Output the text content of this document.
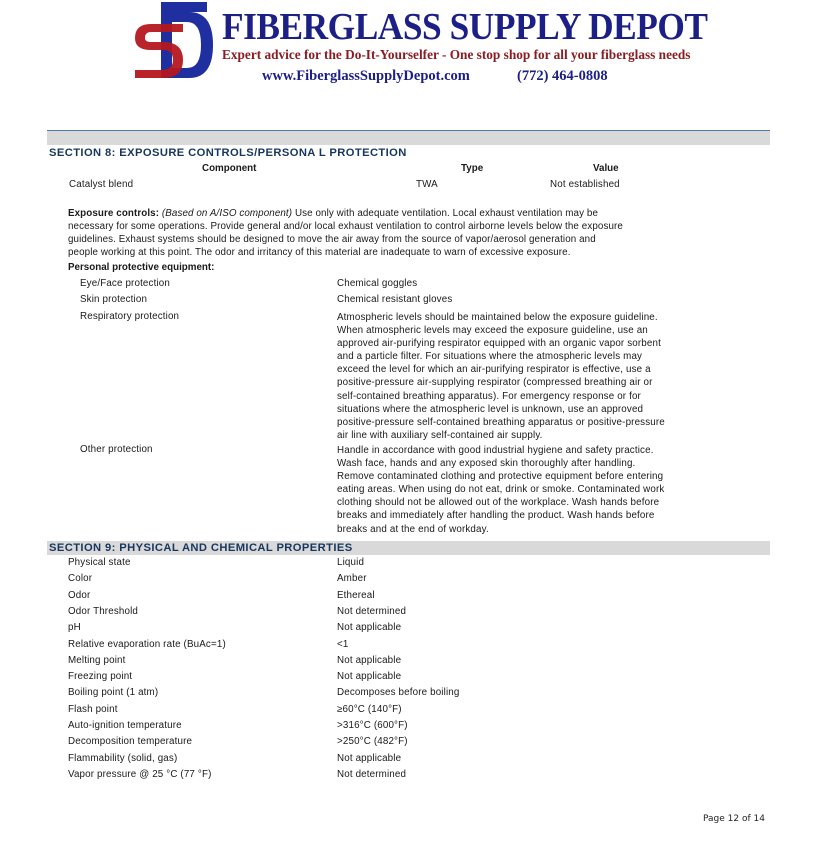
FIBERGLASS SUPPLY DEPOT
Expert advice for the Do-It-Yourselfer - One stop shop for all your fiberglass needs
www.FiberglassSupplyDepot.com	(772) 464-0808
SECTION 8: EXPOSURE CONTROLS/PERSONA L PROTECTION
Component	Type	Value
Catalyst blend	TWA	Not established
Exposure controls: (Based on A/ISO component) Use only with adequate ventilation. Local exhaust ventilation may be
necessary for some operations. Provide general and/or local exhaust ventilation to control airborne levels below the exposure
guidelines. Exhaust systems should be designed to move the air away from the source of vapor/aerosol generation and
people working at this point. The odor and irritancy of this material are inadequate to warn of excessive exposure.
Personal protective equipment:
Eye/Face protection	Chemical goggles
Skin protection	Chemical resistant gloves
Respiratory protection	Atmospheric levels should be maintained below the exposure guideline.
When atmospheric levels may exceed the exposure guideline, use an
approved air-purifying respirator equipped with an organic vapor sorbent
and a particle filter. For situations where the atmospheric levels may
exceed the level for which an air-purifying respirator is effective, use a
positive-pressure air-supplying respirator (compressed breathing air or
self-contained breathing apparatus). For emergency response or for
situations where the atmospheric level is unknown, use an approved
positive-pressure self-contained breathing apparatus or positive-pressure
air line with auxiliary self-contained air supply.
Other protection	Handle in accordance with good industrial hygiene and safety practice.
Wash face, hands and any exposed skin thoroughly after handling.
Remove contaminated clothing and protective equipment before entering
eating areas. When using do not eat, drink or smoke. Contaminated work
clothing should not be allowed out of the workplace. Wash hands before
breaks and immediately after handling the product. Wash hands before
breaks and at the end of workday.
SECTION 9: PHYSICAL AND CHEMICAL PROPERTIES
Physical state	Liquid
Color	Amber
Odor	Ethereal
Odor Threshold	Not determined
pH	Not applicable
Relative evaporation rate (BuAc=1)	<1
Melting point	Not applicable
Freezing point	Not applicable
Boiling point (1 atm)	Decomposes before boiling
Flash point	≥60°C (140°F)
Auto-ignition temperature	>316°C (600°F)
Decomposition temperature	>250°C (482°F)
Flammability (solid, gas)	Not applicable
Vapor pressure @ 25 °C (77 °F)	Not determined
Page 12 of 14
